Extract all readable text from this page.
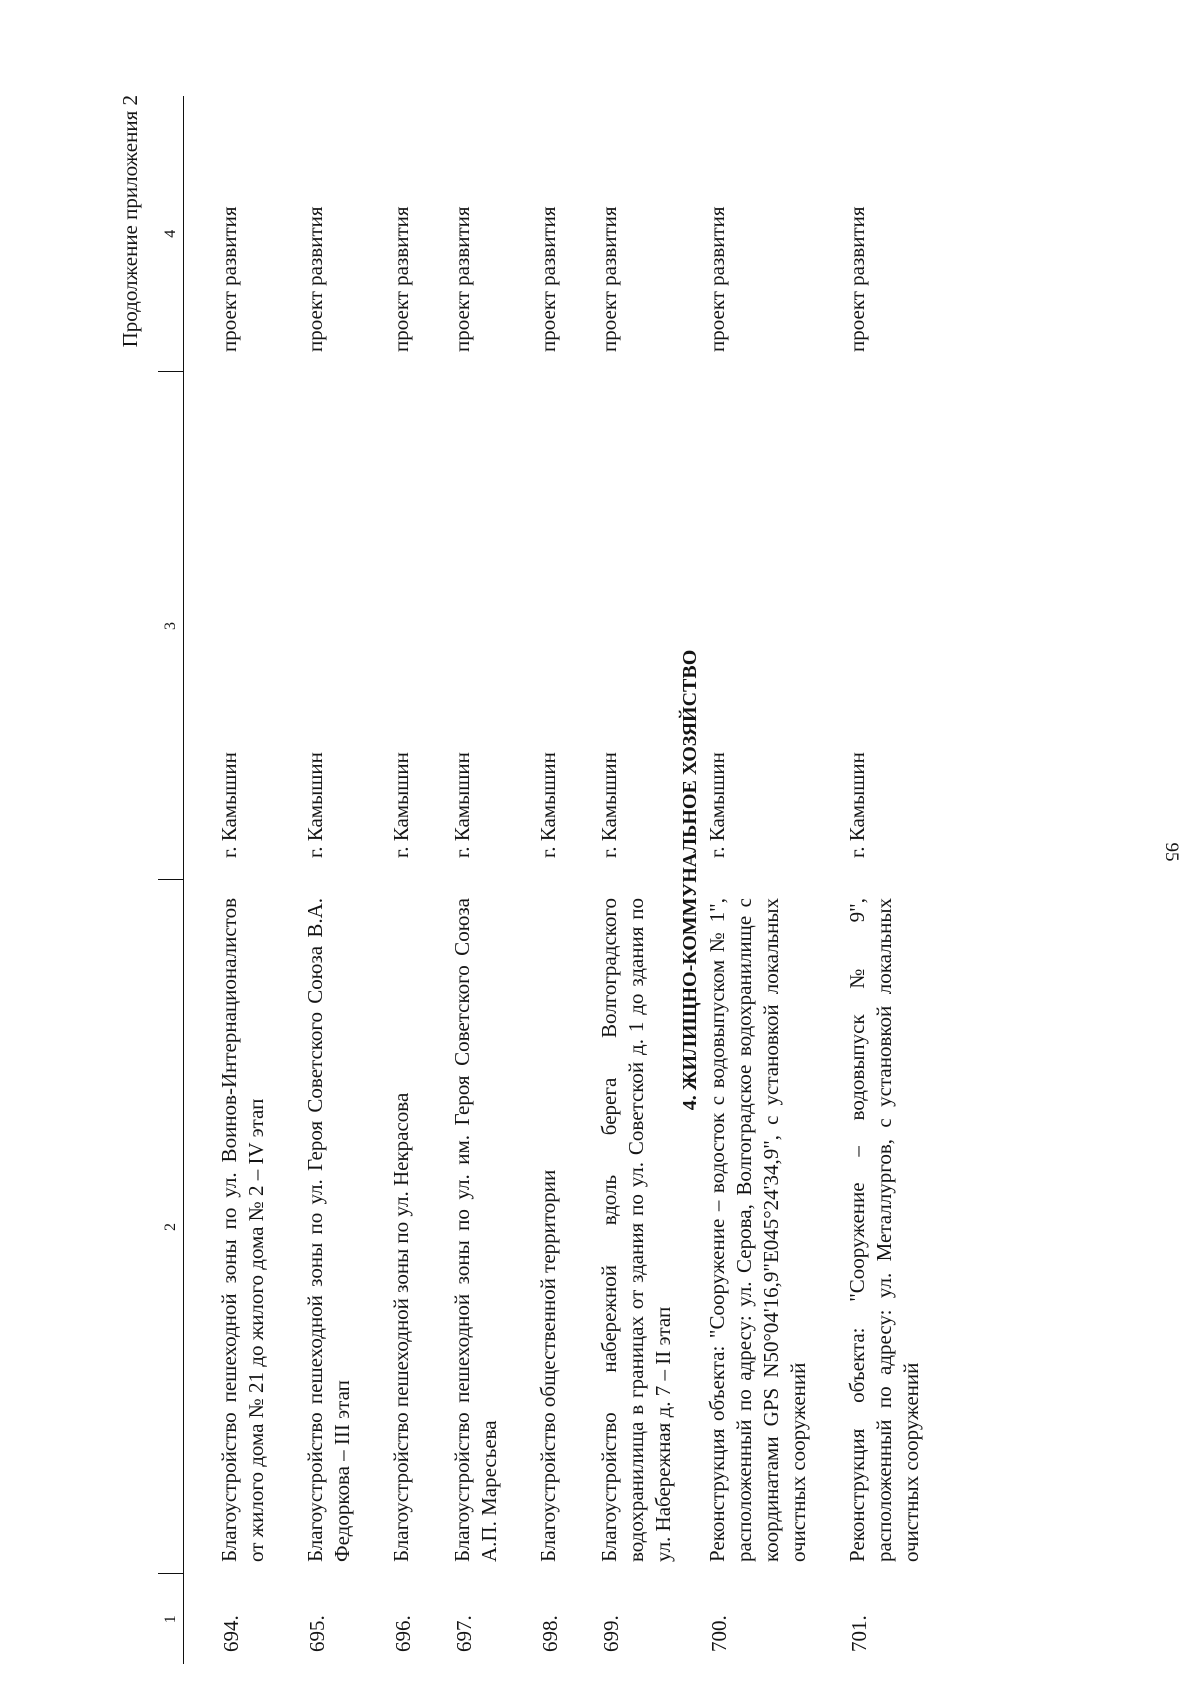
95
Продолжение приложения 2
1	2	3	4

694.	Благоустройство пешеходной зоны по ул. Воинов-Интернационалистов от жилого дома № 21 до жилого дома № 2 – IV этап	г. Камышин	проект развития

695.	Благоустройство пешеходной зоны по ул. Героя Советского Союза В.А. Федоркова – III этап	г. Камышин	проект развития

696.	Благоустройство пешеходной зоны по ул. Некрасова	г. Камышин	проект развития

697.	Благоустройство пешеходной зоны по ул. им. Героя Советского Союза А.П. Маресьева	г. Камышин	проект развития

698.	Благоустройство общественной территории	г. Камышин	проект развития

699.	Благоустройство набережной вдоль берега Волгоградского водохранилища в границах от здания по ул. Советской д. 1 до здания по ул. Набережная д. 7 – II этап	г. Камышин	проект развития
4. ЖИЛИЩНО-КОММУНАЛЬНОЕ ХОЗЯЙСТВО			
700.	Реконструкция объекта: "Сооружение – водосток с водовыпуском № 1", расположенный по адресу: ул. Серова, Волгоградское водохранилище с координатами GPS N50°04'16,9"E045°24'34,9", с установкой локальных очистных сооружений	г. Камышин	проект развития

701.	Реконструкция объекта: "Сооружение – водовыпуск № 9", расположенный по адресу: ул. Металлургов, с установкой локальных очистных сооружений	г. Камышин	проект развития
